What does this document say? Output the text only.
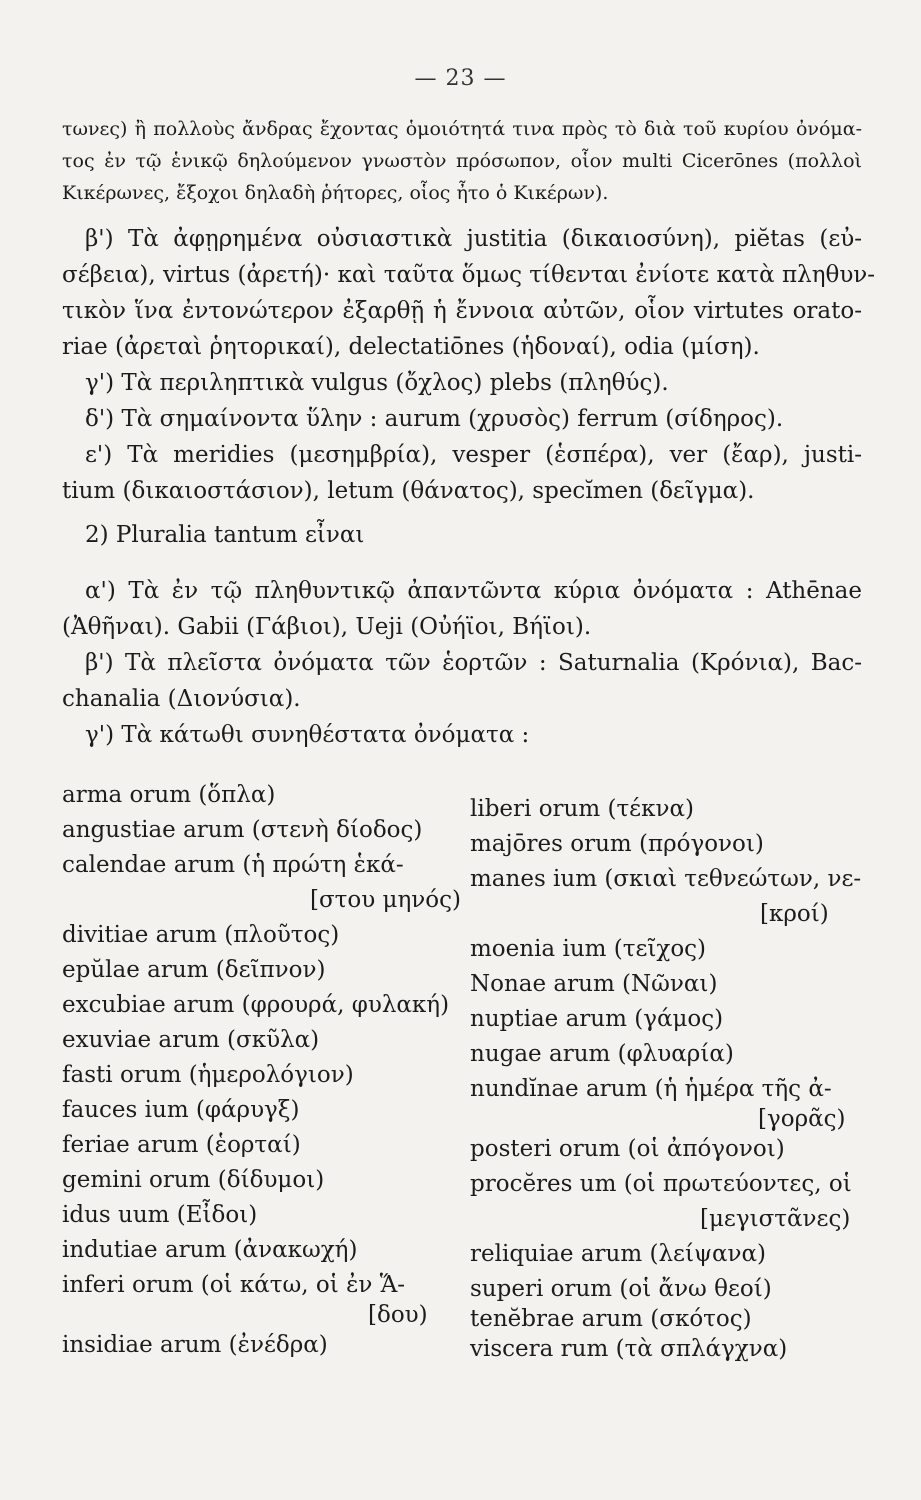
— 23 —
τωνες) ἢ πολλοὺς ἄνδρας ἔχοντας ὁμοιότητά τινα πρὸς τὸ διὰ τοῦ κυρίου ὀνόμα-
τος ἐν τῷ ἑνικῷ δηλούμενον γνωστὸν πρόσωπον, οἷον multi Cicerōnes (πολλοὶ
Κικέρωνες, ἔξοχοι δηλαδὴ ῥήτορες, οἷος ἦτο ὁ Κικέρων).
β') Τὰ ἀφῃρημένα οὐσιαστικὰ justitia (δικαιοσύνη), piĕtas (εὐ-
σέβεια), virtus (ἀρετή)· καὶ ταῦτα ὅμως τίθενται ἐνίοτε κατὰ πληθυν-
τικὸν ἵνα ἐντονώτερον ἐξαρθῇ ἡ ἔννοια αὐτῶν, οἷον virtutes orato-
riae (ἀρεταὶ ῥητορικαί), delectatiōnes (ἡδοναί), odia (μίση).
γ') Τὰ περιληπτικὰ vulgus (ὄχλος) plebs (πληθύς).
δ') Τὰ σημαίνοντα ὕλην : aurum (χρυσὸς) ferrum (σίδηρος).
ε') Τὰ meridies (μεσημβρία), vesper (ἑσπέρα), ver (ἔαρ), justi-
tium (δικαιοστάσιον), letum (θάνατος), specĭmen (δεῖγμα).
2) Pluralia tantum εἶναι
α') Τὰ ἐν τῷ πληθυντικῷ ἀπαντῶντα κύρια ὀνόματα : Athēnae
(Ἀθῆναι). Gabii (Γάβιοι), Ueji (Οὐήϊοι, Βήϊοι).
β') Τὰ πλεῖστα ὀνόματα τῶν ἑορτῶν : Saturnalia (Κρόνια), Bac-
chanalia (Διονύσια).
γ') Τὰ κάτωθι συνηθέστατα ὀνόματα :
arma orum (ὅπλα)
angustiae arum (στενὴ δίοδος)
calendae arum (ἡ πρώτη ἑκά-
[στου μηνός)
divitiae arum (πλοῦτος)
epŭlae arum (δεῖπνον)
excubiae arum (φρουρά, φυλακή)
exuviae arum (σκῦλα)
fasti orum (ἡμερολόγιον)
fauces ium (φάρυγξ)
feriae arum (ἑορταί)
gemini orum (δίδυμοι)
idus uum (Εἶδοι)
indutiae arum (ἀνακωχή)
inferi orum (οἱ κάτω, οἱ ἐν Ἅ-
[δου)
insidiae arum (ἐνέδρα)
liberi orum (τέκνα)
majōres orum (πρόγονοι)
manes ium (σκιαὶ τεθνεώτων, νε-
[κροί)
moenia ium (τεῖχος)
Nonae arum (Νῶναι)
nuptiae arum (γάμος)
nugae arum (φλυαρία)
nundĭnae arum (ἡ ἡμέρα τῆς ἀ-
[γορᾶς)
posteri orum (οἱ ἀπόγονοι)
procĕres um (οἱ πρωτεύοντες, οἱ
[μεγιστᾶνες)
reliquiae arum (λείψανα)
superi orum (οἱ ἄνω θεοί)
tenĕbrae arum (σκότος)
viscera rum (τὰ σπλάγχνα)
